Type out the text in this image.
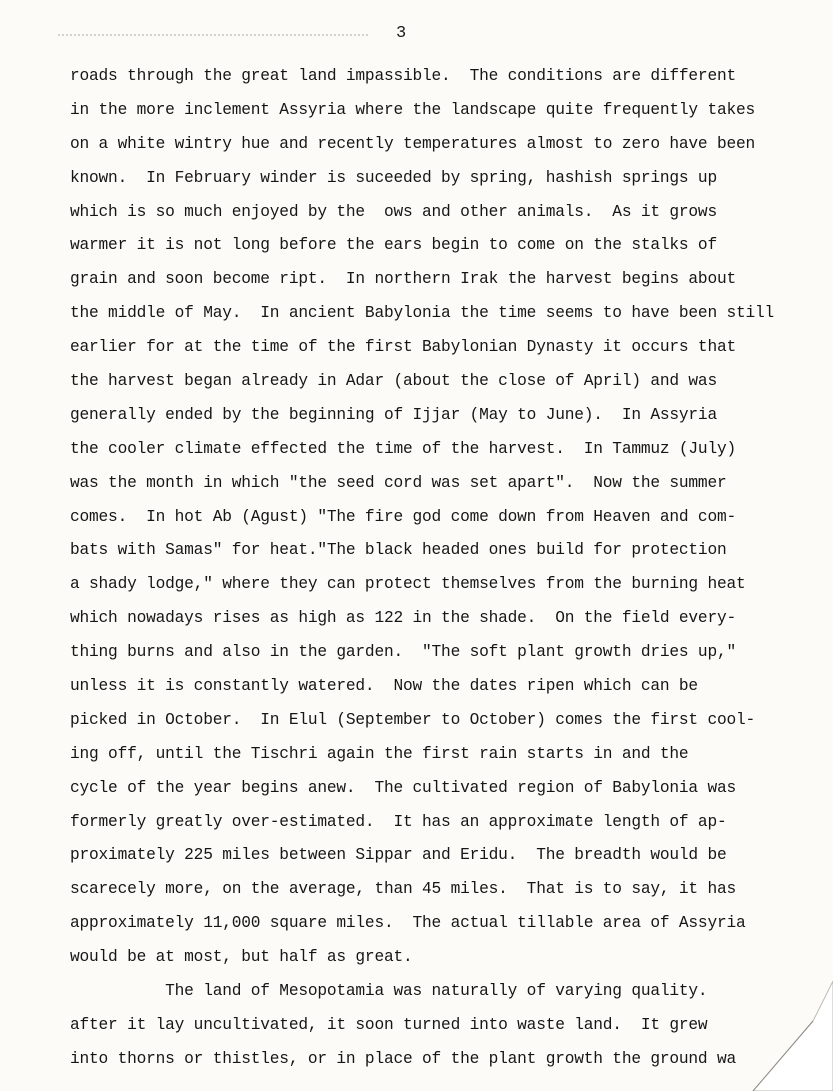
3
roads through the great land impassible.  The conditions are different
in the more inclement Assyria where the landscape quite frequently takes
on a white wintry hue and recently temperatures almost to zero have been
known.  In February winder is suceeded by spring, hashish springs up
which is so much enjoyed by the  ows and other animals.  As it grows
warmer it is not long before the ears begin to come on the stalks of
grain and soon become ript.  In northern Irak the harvest begins about
the middle of May.  In ancient Babylonia the time seems to have been still
earlier for at the time of the first Babylonian Dynasty it occurs that
the harvest began already in Adar (about the close of April) and was
generally ended by the beginning of Ijjar (May to June).  In Assyria
the cooler climate effected the time of the harvest.  In Tammuz (July)
was the month in which "the seed cord was set apart".  Now the summer
comes.  In hot Ab (Agust) "The fire god come down from Heaven and com-
bats with Samas" for heat."The black headed ones build for protection
a shady lodge," where they can protect themselves from the burning heat
which nowadays rises as high as 122 in the shade.  On the field every-
thing burns and also in the garden.  "The soft plant growth dries up,"
unless it is constantly watered.  Now the dates ripen which can be
picked in October.  In Elul (September to October) comes the first cool-
ing off, until the Tischri again the first rain starts in and the
cycle of the year begins anew.  The cultivated region of Babylonia was
formerly greatly over-estimated.  It has an approximate length of ap-
proximately 225 miles between Sippar and Eridu.  The breadth would be
scarecely more, on the average, than 45 miles.  That is to say, it has
approximately 11,000 square miles.  The actual tillable area of Assyria
would be at most, but half as great.
The land of Mesopotamia was naturally of varying quality.
after it lay uncultivated, it soon turned into waste land.  It grew
into thorns or thistles, or in place of the plant growth the ground wa
